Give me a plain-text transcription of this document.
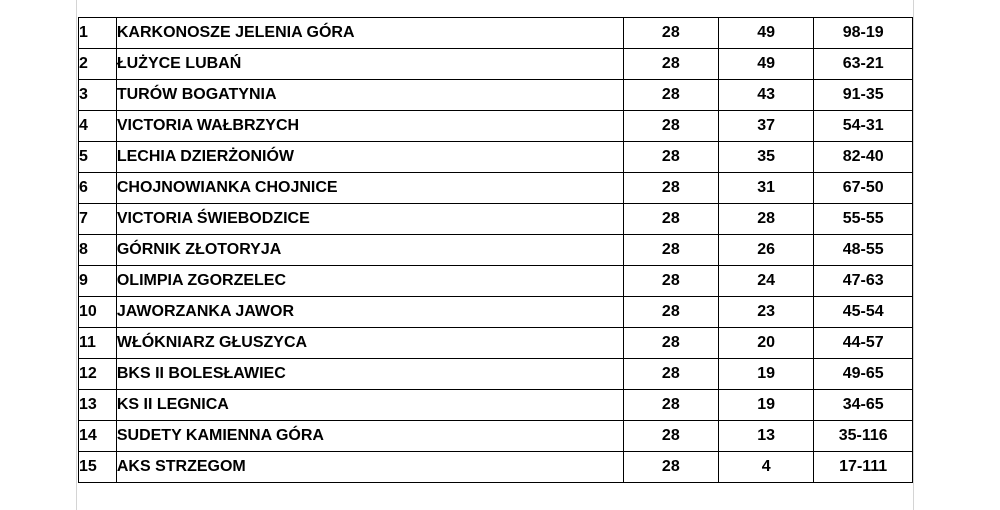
1	KARKONOSZE JELENIA GÓRA	28	49	98-19
2	ŁUŻYCE LUBAŃ	28	49	63-21
3	TURÓW BOGATYNIA	28	43	91-35
4	VICTORIA WAŁBRZYCH	28	37	54-31
5	LECHIA DZIERŻONIÓW	28	35	82-40
6	CHOJNOWIANKA CHOJNICE	28	31	67-50
7	VICTORIA ŚWIEBODZICE	28	28	55-55
8	GÓRNIK ZŁOTORYJA	28	26	48-55
9	OLIMPIA ZGORZELEC	28	24	47-63
10	JAWORZANKA JAWOR	28	23	45-54
11	WŁÓKNIARZ GŁUSZYCA	28	20	44-57
12	BKS II BOLESŁAWIEC	28	19	49-65
13	KS II LEGNICA	28	19	34-65
14	SUDETY KAMIENNA GÓRA	28	13	35-116
15	AKS STRZEGOM	28	4	17-111
